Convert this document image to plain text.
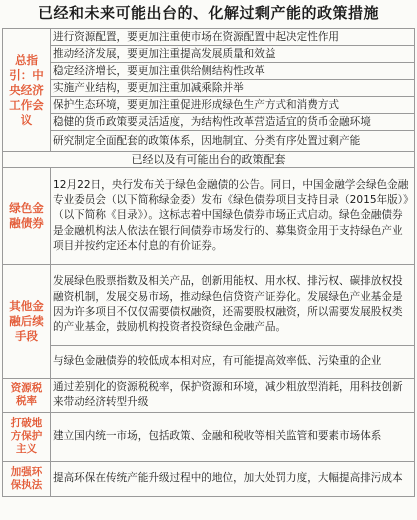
已经和未来可能出台的、化解过剩产能的政策措施
总指
引：中
央经济
工作会
议	进行资源配置，要更加注重使市场在资源配置中起决定性作用

	推动经济发展，要更加注重提高发展质量和效益

	稳定经济增长，要更加注重供给侧结构性改革

	实施产业结构，要更加注重加减乘除并举

	保护生态环境，要更加注重促进形成绿色生产方式和消费方式

	稳健的货币政策要灵活适度，为结构性改革营造适宜的货币金融环境

	研究制定全面配套的政策体系，因地制宜、分类有序处置过剩产能

已经以及有可能出台的政策配套	

绿色金
融债券	12月22日，央行发布关于绿色金融债的公告。同日，中国金融学会绿色金融专业委员会（以下简称绿金委）发布《绿色债券项目支持目录（2015年版）》（以下简称《目录》）。这标志着中国绿色债券市场正式启动。绿色金融债券是金融机构法人依法在银行间债券市场发行的、募集资金用于支持绿色产业项目并按约定还本付息的有价证券。

其他金
融后续
手段	发展绿色股票指数及相关产品，创新用能权、用水权、排污权、碳排放权投融资机制，发展交易市场，推动绿色信贷资产证券化。发展绿色产业基金是因为许多项目不仅仅需要债权融资，还需要股权融资，所以需要发展股权类的产业基金，鼓励机构投资者投资绿色金融产品。

	与绿色金融债券的较低成本相对应，有可能提高效率低、污染重的企业

资源税
税率	通过差别化的资源税税率，保护资源和环境，减少粗放型消耗，用科技创新来带动经济转型升级

打破地
方保护
主义	建立国内统一市场，包括政策、金融和税收等相关监管和要素市场体系

加强环
保执法	提高环保在传统产能升级过程中的地位，加大处罚力度，大幅提高排污成本
